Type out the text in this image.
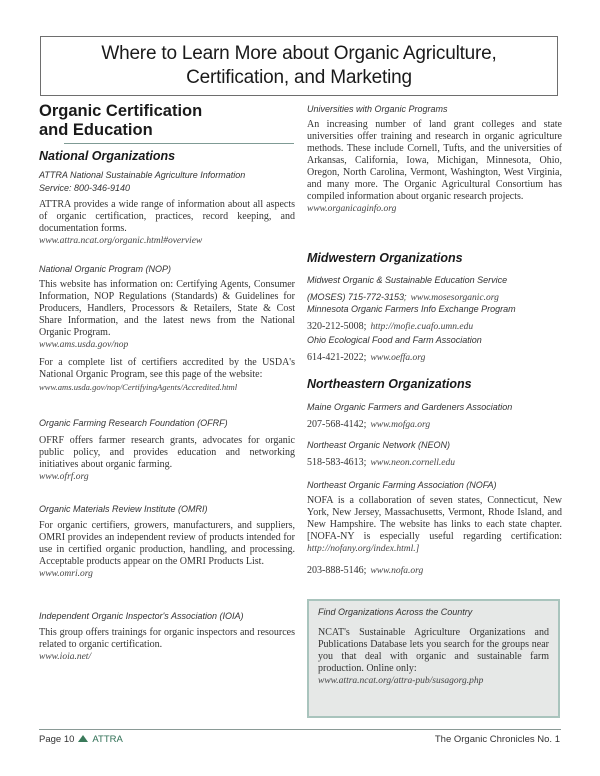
Where to Learn More about Organic Agriculture,
Certification, and Marketing
Organic Certification
and Education
National Organizations
ATTRA National Sustainable Agriculture Information
Service: 800-346-9140
ATTRA provides a wide range of information about all aspects of organic certification, practices, record keeping, and documentation forms.
www.attra.ncat.org/organic.html#overview
National Organic Program (NOP)
This website has information on: Certifying Agents, Consumer Information, NOP Regulations (Standards) & Guidelines for Producers, Handlers, Processors & Retailers, State & Cost Share Information, and the latest news from the National Organic Program.
www.ams.usda.gov/nop
For a complete list of certifiers accredited by the USDA's National Organic Program, see this page of the website:
www.ams.usda.gov/nop/CertifyingAgents/Accredited.html
Organic Farming Research Foundation (OFRF)
OFRF offers farmer research grants, advocates for organic public policy, and provides education and networking initiatives about organic farming.
www.ofrf.org
Organic Materials Review Institute (OMRI)
For organic certifiers, growers, manufacturers, and suppliers, OMRI provides an independent review of products intended for use in certified organic production, handling, and processing. Acceptable products appear on the OMRI Products List.
www.omri.org
Independent Organic Inspector's Association (IOIA)
This group offers trainings for organic inspectors and resources related to organic certification.
www.ioia.net/
Universities with Organic Programs
An increasing number of land grant colleges and state universities offer training and research in organic agriculture methods. These include Cornell, Tufts, and the universities of Arkansas, California, Iowa, Michigan, Minnesota, Ohio, Oregon, North Carolina, Vermont, Washington, West Virginia, and many more. The Organic Agricultural Consortium has compiled information about organic research projects.
www.organicaginfo.org
Midwestern Organizations
Midwest Organic & Sustainable Education Service
(MOSES) 715-772-3153; www.mosesorganic.org
Minnesota Organic Farmers Info Exchange Program
320-212-5008; http://mofie.cuafo.umn.edu
Ohio Ecological Food and Farm Association
614-421-2022; www.oeffa.org
Northeastern Organizations
Maine Organic Farmers and Gardeners Association
207-568-4142; www.mofga.org
Northeast Organic Network (NEON)
518-583-4613; www.neon.cornell.edu
Northeast Organic Farming Association (NOFA)
NOFA is a collaboration of seven states, Connecticut, New York, New Jersey, Massachusetts, Vermont, Rhode Island, and New Hampshire. The website has links to each state chapter. [NOFA-NY is especially useful regarding certification: http://nofany.org/index.html.]
203-888-5146; www.nofa.org
Find Organizations Across the Country
NCAT's Sustainable Agriculture Organizations and Publications Database lets you search for the groups near you that deal with organic and sustainable farm production. Online only:
www.attra.ncat.org/attra-pub/susagorg.php
Page 10 ATTRA	The Organic Chronicles No. 1
